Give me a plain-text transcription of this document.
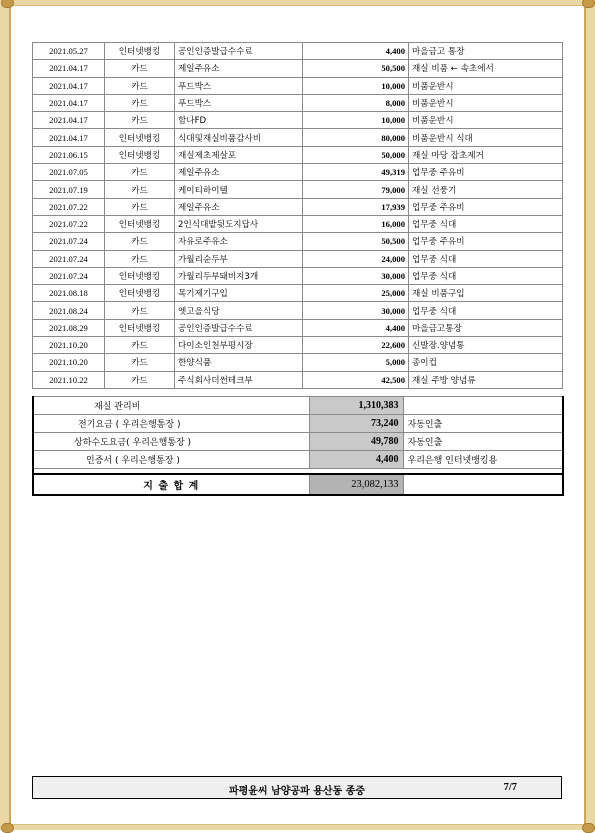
2021.05.27	인터넷뱅킹	공인인증발급수수료	4,400	마을금고 통장
2021.04.17	카드	제일주유소	50,500	재실 비품 ← 속초에서
2021.04.17	카드	푸드박스	10,000	비품운반시
2021.04.17	카드	푸드박스	8,000	비품운반시
2021.04.17	카드	함나FD	10,000	비품운반시
2021.04.17	인터넷뱅킹	식대및재실비품감사비	80,000	비품운반시 식대
2021.06.15	인터넷뱅킹	재실제초제살포	50,000	재실 마당 잡초제거
2021.07.05	카드	제일주유소	49,319	업무중 주유비
2021.07.19	카드	케이티하이텔	79,000	재실 선풍기
2021.07.22	카드	제일주유소	17,939	업무중 주유비
2021.07.22	인터넷뱅킹	2인식대밭뒷도지답사	16,000	업무중 식대
2021.07.24	카드	자유로주유소	50,500	업무중 주유비
2021.07.24	카드	가월리순두부	24,000	업무중 식대
2021.07.24	인터넷뱅킹	가월리두부돼비지3개	30,000	업무중 식대
2021.08.18	인터넷뱅킹	목기제기구입	25,000	재실 비품구입
2021.08.24	카드	엣고을식당	30,000	업무중 식대
2021.08.29	인터넷뱅킹	공인인증발급수수료	4,400	마을금고통장
2021.10.20	카드	다이소인천부평시장	22,600	신발장.양념통
2021.10.20	카드	한양식품	5,000	종이컵
2021.10.22	카드	주식회사더썬테크부	42,500	재실 주방 양념류
재실 관리비	1,310,383	
전기요금 ( 우리은행통장 )	73,240	자동인출
상하수도요금( 우리은행통장 )	49,780	자동인출
인증서 ( 우리은행통장 )	4,400	우리은행 인터넷뱅킹용

지 출 합 계	23,082,133	
파평윤씨 남양공파 용산동 종중	7/7
